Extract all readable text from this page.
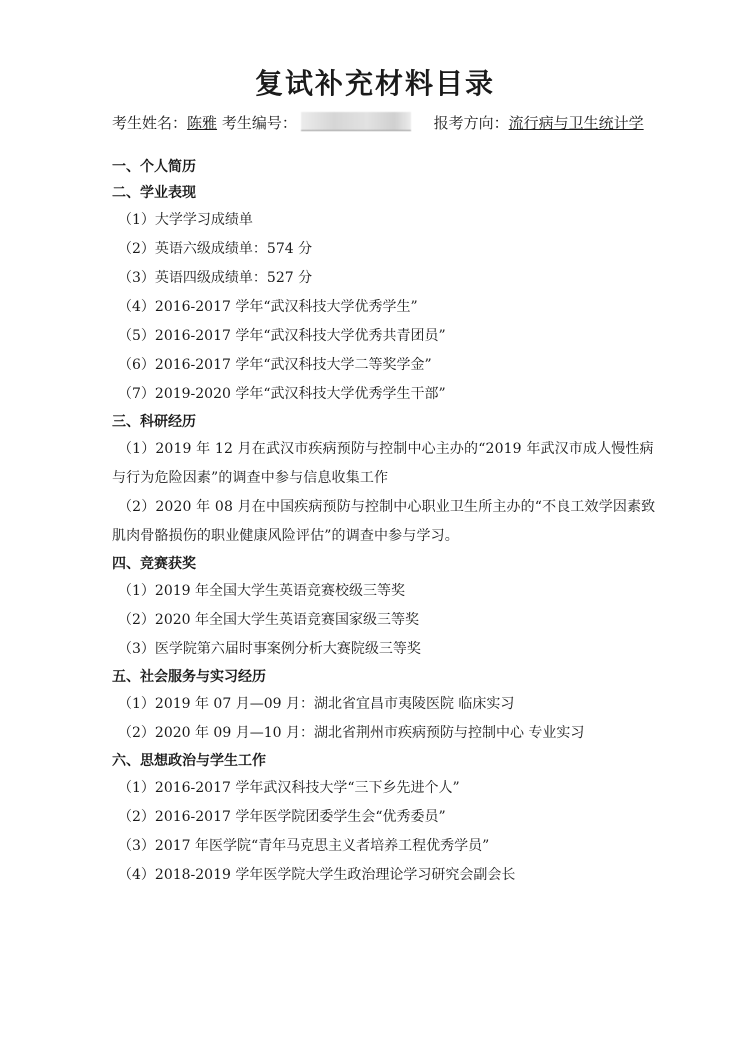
复试补充材料目录
考生姓名：陈雅 考生编号：	报考方向：流行病与卫生统计学

一、个人简历

二、学业表现

（1）大学学习成绩单

（2）英语六级成绩单：574 分

（3）英语四级成绩单：527 分

（4）2016-2017 学年“武汉科技大学优秀学生”

（5）2016-2017 学年“武汉科技大学优秀共青团员”

（6）2016-2017 学年“武汉科技大学二等奖学金”

（7）2019-2020 学年“武汉科技大学优秀学生干部”

三、科研经历

（1）2019 年 12 月在武汉市疾病预防与控制中心主办的“2019 年武汉市成人慢性病与行为危险因素”的调查中参与信息收集工作

（2）2020 年 08 月在中国疾病预防与控制中心职业卫生所主办的“不良工效学因素致肌肉骨骼损伤的职业健康风险评估”的调查中参与学习。

四、竞赛获奖

（1）2019 年全国大学生英语竞赛校级三等奖

（2）2020 年全国大学生英语竞赛国家级三等奖

（3）医学院第六届时事案例分析大赛院级三等奖

五、社会服务与实习经历

（1）2019 年 07 月—09 月：湖北省宜昌市夷陵医院 临床实习

（2）2020 年 09 月—10 月：湖北省荆州市疾病预防与控制中心 专业实习

六、思想政治与学生工作

（1）2016-2017 学年武汉科技大学“三下乡先进个人”

（2）2016-2017 学年医学院团委学生会“优秀委员”

（3）2017 年医学院“青年马克思主义者培养工程优秀学员”

（4）2018-2019 学年医学院大学生政治理论学习研究会副会长
